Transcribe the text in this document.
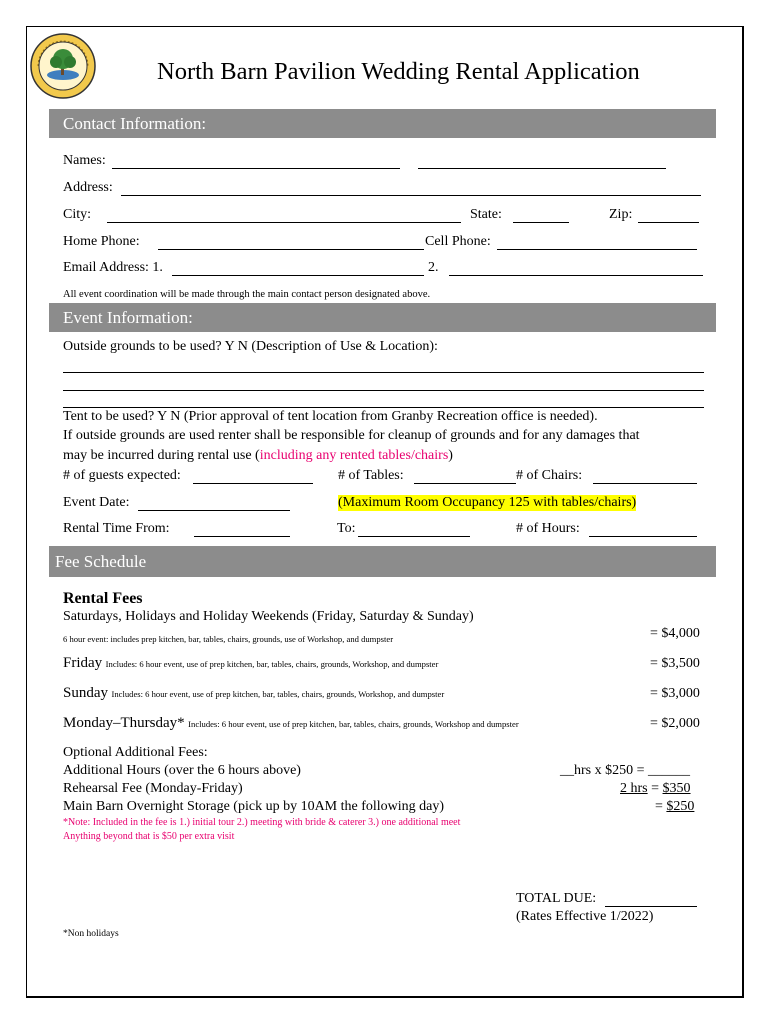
North Barn Pavilion Wedding Rental Application
Contact Information:
Names:
Address:
City:	State:	Zip:
Home Phone:	Cell Phone:
Email Address: 1.	2.
All event coordination will be made through the main contact person designated above.
Event Information:
Outside grounds to be used? Y N (Description of Use & Location):
Tent to be used? Y N (Prior approval of tent location from Granby Recreation office is needed).
If outside grounds are used renter shall be responsible for cleanup of grounds and for any damages that
may be incurred during rental use (including any rented tables/chairs)
# of guests expected:	# of Tables:	# of Chairs:
Event Date:	(Maximum Room Occupancy 125 with tables/chairs)
Rental Time From:	To:	# of Hours:
Fee Schedule
Rental Fees
Saturdays, Holidays and Holiday Weekends (Friday, Saturday & Sunday)
6 hour event: includes prep kitchen, bar, tables, chairs, grounds, use of Workshop, and dumpster	= $4,000
Friday Includes: 6 hour event, use of prep kitchen, bar, tables, chairs, grounds, Workshop, and dumpster	= $3,500
Sunday Includes: 6 hour event, use of prep kitchen, bar, tables, chairs, grounds, Workshop, and dumpster	= $3,000
Monday–Thursday* Includes: 6 hour event, use of prep kitchen, bar, tables, chairs, grounds, Workshop and dumpster	= $2,000
Optional Additional Fees:
Additional Hours (over the 6 hours above)	__hrs x $250 = ______
Rehearsal Fee (Monday-Friday)	2 hrs = $350
Main Barn Overnight Storage (pick up by 10AM the following day)	= $250
*Note: Included in the fee is 1.) initial tour 2.) meeting with bride & caterer 3.) one additional meet
Anything beyond that is $50 per extra visit
TOTAL DUE:
(Rates Effective 1/2022)
*Non holidays
